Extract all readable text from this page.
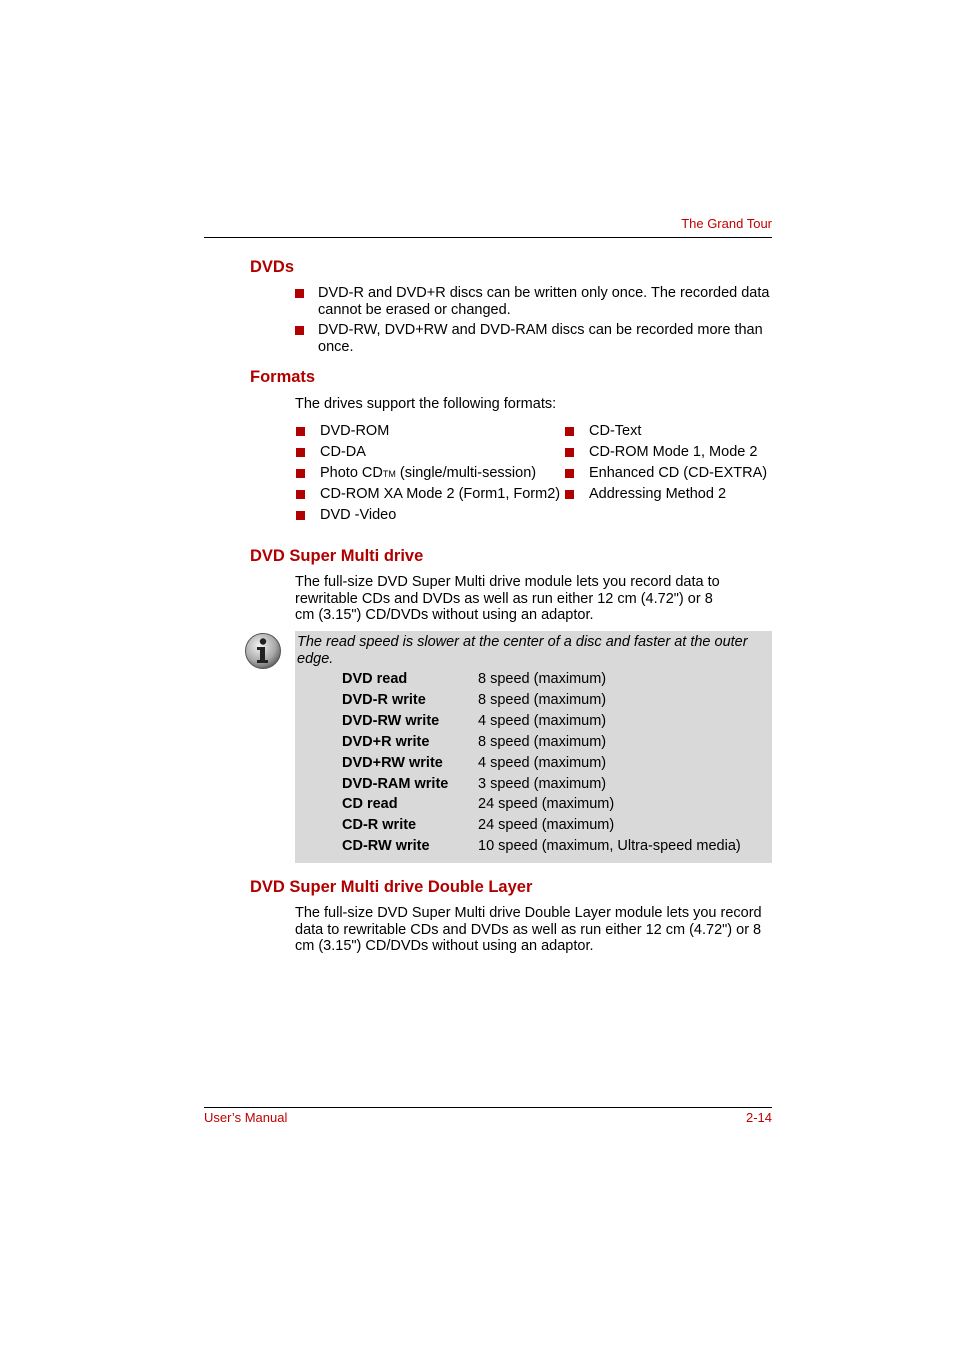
The Grand Tour
DVDs
DVD-R and DVD+R discs can be written only once. The recorded data cannot be erased or changed.
DVD-RW, DVD+RW and DVD-RAM discs can be recorded more than once.
Formats
The drives support the following formats:
DVD-ROM
CD-DA
Photo CDTM (single/multi-session)
CD-ROM XA Mode 2 (Form1, Form2)
DVD -Video
CD-Text
CD-ROM Mode 1, Mode 2
Enhanced CD (CD-EXTRA)
Addressing Method 2
DVD Super Multi drive
The full-size DVD Super Multi drive module lets you record data to rewritable CDs and DVDs as well as run either 12 cm (4.72") or 8 cm (3.15") CD/DVDs without using an adaptor.
The read speed is slower at the center of a disc and faster at the outer edge.
DVD read	8 speed (maximum)
DVD-R write	8 speed (maximum)
DVD-RW write	4 speed (maximum)
DVD+R write	8 speed (maximum)
DVD+RW write 4 speed (maximum)
DVD-RAM write 3 speed (maximum)
CD read	24 speed (maximum)
CD-R write	24 speed (maximum)
CD-RW write	10 speed (maximum, Ultra-speed media)
DVD Super Multi drive Double Layer
The full-size DVD Super Multi drive Double Layer module lets you record data to rewritable CDs and DVDs as well as run either 12 cm (4.72") or 8 cm (3.15") CD/DVDs without using an adaptor.
User’s Manual	2-14
